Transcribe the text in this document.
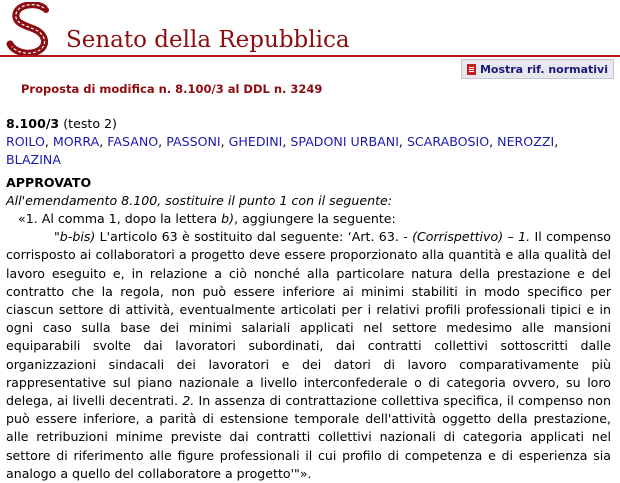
Senato della Repubblica
Mostra rif. normativi
Proposta di modifica n. 8.100/3 al DDL n. 3249

8.100/3 (testo 2)

ROILO, MORRA, FASANO, PASSONI, GHEDINI, SPADONI URBANI, SCARABOSIO, NEROZZI, BLAZINA

APPROVATO

All'emendamento 8.100, sostituire il punto 1 con il seguente:

«1. Al comma 1, dopo la lettera b), aggiungere la seguente:

"b-bis) L'articolo 63 è sostituito dal seguente: ‘Art. 63. - (Corrispettivo) – 1. Il compenso corrisposto ai collaboratori a progetto deve essere proporzionato alla quantità e alla qualità del lavoro eseguito e, in relazione a ciò nonché alla particolare natura della prestazione e del contratto che la regola, non può essere inferiore ai minimi stabiliti in modo specifico per ciascun settore di attività, eventualmente articolati per i relativi profili professionali tipici e in ogni caso sulla base dei minimi salariali applicati nel settore medesimo alle mansioni equiparabili svolte dai lavoratori subordinati, dai contratti collettivi sottoscritti dalle organizzazioni sindacali dei lavoratori e dei datori di lavoro comparativamente più rappresentative sul piano nazionale a livello interconfederale o di categoria ovvero, su loro delega, ai livelli decentrati. 2. In assenza di contrattazione collettiva specifica, il compenso non può essere inferiore, a parità di estensione temporale dell'attività oggetto della prestazione, alle retribuzioni minime previste dai contratti collettivi nazionali di categoria applicati nel settore di riferimento alle figure professionali il cui profilo di competenza e di esperienza sia analogo a quello del collaboratore a progetto'"».
